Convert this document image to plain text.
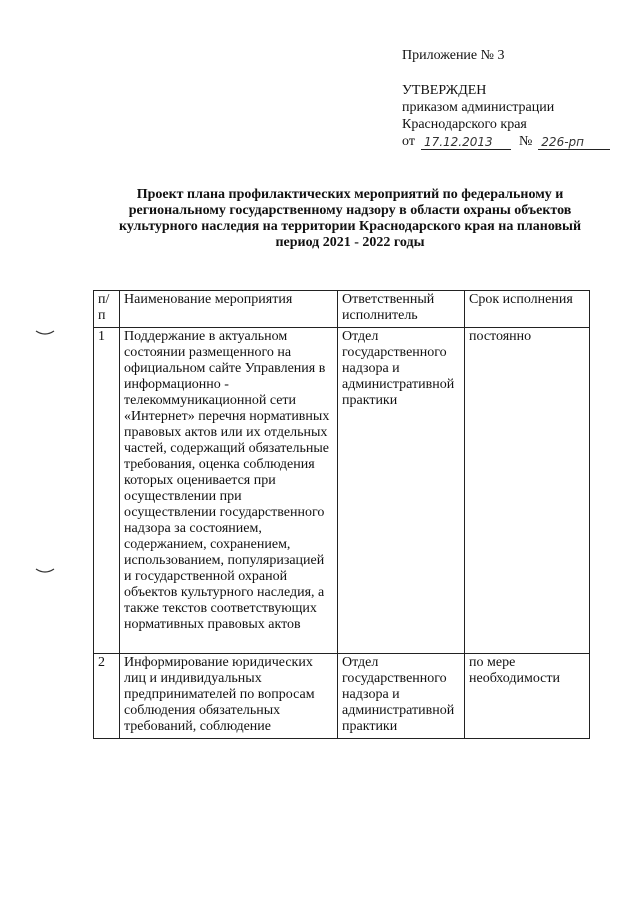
Приложение № 3
УТВЕРЖДЕН
приказом администрации
Краснодарского края
от 17.12.2013	№ 226-рп
Проект плана профилактических мероприятий по федеральному и региональному государственному надзору в области охраны объектов культурного наследия на территории Краснодарского края на плановый период 2021 - 2022 годы
п/п	Наименование мероприятия	Ответственный исполнитель	Срок исполнения
1	Поддержание в актуальном состоянии размещенного на официальном сайте Управления в информационно - телекоммуникационной сети «Интернет» перечня нормативных правовых актов или их отдельных частей, содержащий обязательные требования, оценка соблюдения которых оценивается при осуществлении при осуществлении государственного надзора за состоянием, содержанием, сохранением, использованием, популяризацией и государственной охраной объектов культурного наследия, а также текстов соответствующих нормативных правовых актов	Отдел государственного надзора и административной практики	постоянно
2	Информирование юридических лиц и индивидуальных предпринимателей по вопросам соблюдения обязательных требований, соблюдение	Отдел государственного надзора и административной практики	по мере необходимости
